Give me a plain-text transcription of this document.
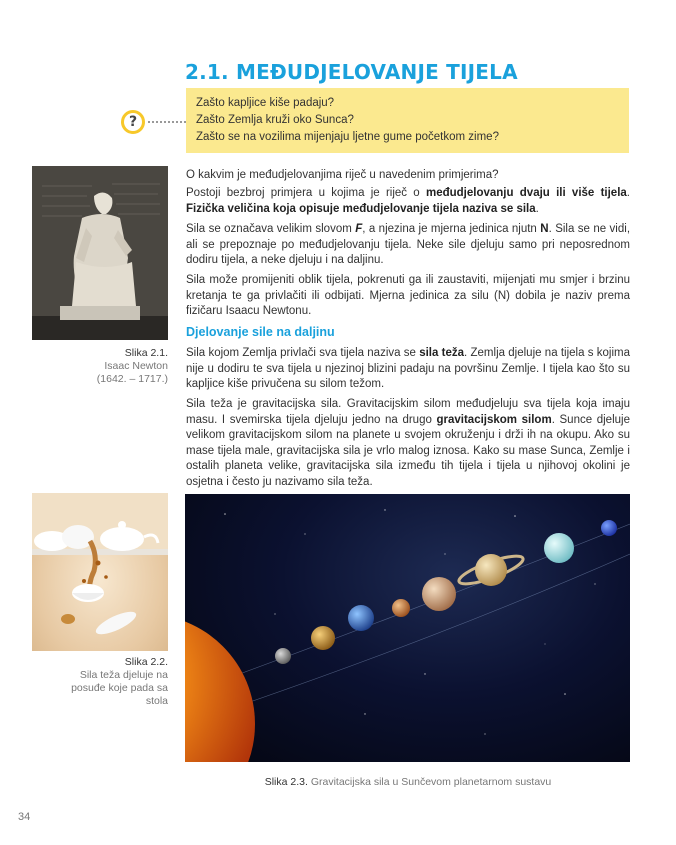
2.1. MEĐUDJELOVANJE TIJELA
?
Zašto kapljice kiše padaju?
Zašto Zemlja kruži oko Sunca?
Zašto se na vozilima mijenjaju ljetne gume početkom zime?

O kakvim je međudjelovanjima riječ u navedenim primjerima?

Postoji bezbroj primjera u kojima je riječ o međudjelovanju dvaju ili više tijela. Fizička veličina koja opisuje međudjelovanje tijela naziva se sila.

Sila se označava velikim slovom F, a njezina je mjerna jedinica njutn N. Sila se ne vidi, ali se prepoznaje po međudjelovanju tijela. Neke sile djeluju samo pri neposrednom dodiru tijela, a neke djeluju i na daljinu.

Sila može promijeniti oblik tijela, pokrenuti ga ili zaustaviti, mijenjati mu smjer i brzinu kretanja te ga privlačiti ili odbijati. Mjerna jedinica za silu (N) dobila je naziv prema fizičaru Isaacu Newtonu.

Djelovanje sile na daljinu

Sila kojom Zemlja privlači sva tijela naziva se sila teža. Zemlja djeluje na tijela s kojima nije u dodiru te sva tijela u njezinoj blizini padaju na površinu Zemlje. I tijela kao što su kapljice kiše privučena su silom težom.

Sila teža je gravitacijska sila. Gravitacijskim silom međudjeluju sva tijela koja imaju masu. I svemirska tijela djeluju jedno na drugo gravitacijskom silom. Sunce djeluje velikom gravitacijskom silom na planete u svojem okruženju i drži ih na okupu. Ako su mase tijela male, gravitacijska sila je vrlo malog iznosa. Kako su mase Sunca, Zemlje i ostalih planeta velike, gravitacijska sila između tih tijela i tijela u njihovoj okolini je osjetna i često ju nazivamo sila teža.

Slika 2.1.
Isaac Newton
(1642. – 1717.)
Slika 2.2.
Sila teža djeluje na
posuđe koje pada sa
stola

Slika 2.3. Gravitacijska sila u Sunčevom planetarnom sustavu

34
